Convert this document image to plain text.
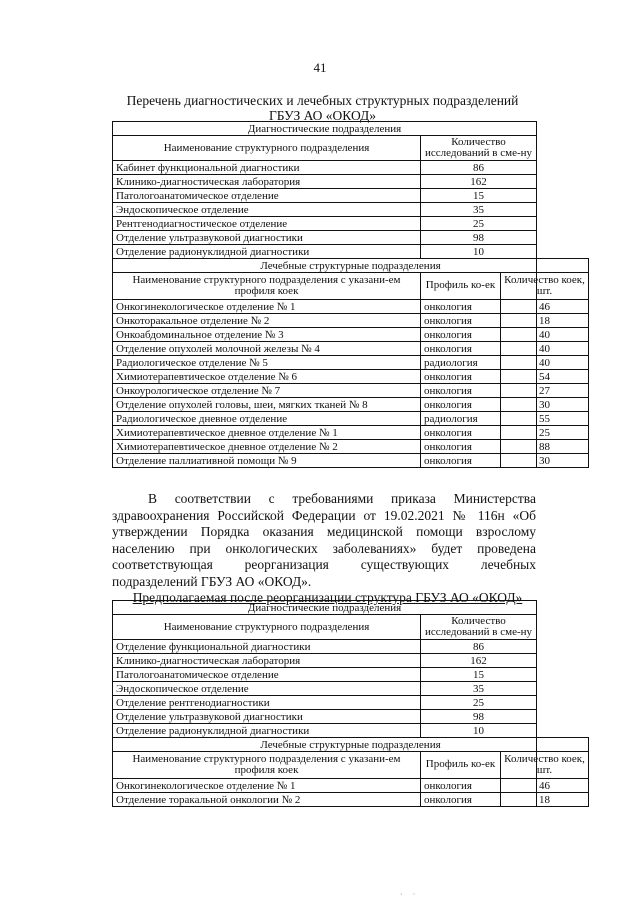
41
Перечень диагностических и лечебных структурных подразделений
ГБУЗ АО «ОКОД»
Диагностические подразделения
Наименование структурного подразделения	Количество исследований в сме-ну
Кабинет функциональной диагностики	86
Клинико-диагностическая лаборатория	162
Патологоанатомическое отделение	15
Эндоскопическое отделение	35
Рентгенодиагностическое отделение	25
Отделение ультразвуковой диагностики	98
Отделение радионуклидной диагностики	10

Лечебные структурные подразделения
Наименование структурного подразделения с указани-ем профиля коек	Профиль ко-ек	Количество коек, шт.
Онкогинекологическое отделение № 1	онкология	46
Онкоторакальное отделение № 2	онкология	18
Онкоабдоминальное отделение № 3	онкология	40
Отделение опухолей молочной железы № 4	онкология	40
Радиологическое отделение № 5	радиология	40
Химиотерапевтическое отделение № 6	онкология	54
Онкоурологическое отделение № 7	онкология	27
Отделение опухолей головы, шеи, мягких тканей № 8	онкология	30
Радиологическое дневное отделение	радиология	55
Химиотерапевтическое дневное отделение № 1	онкология	25
Химиотерапевтическое дневное отделение № 2	онкология	88
Отделение паллиативной помощи № 9	онкология	30

В соответствии с требованиями приказа Министерства здравоохранения Российской Федерации от 19.02.2021 № 116н «Об утверждении Порядка оказания медицинской помощи взрослому населению при онкологических заболеваниях» будет проведена соответствующая реорганизация существующих лечебных подразделений ГБУЗ АО «ОКОД».

Предполагаемая после реорганизации структура ГБУЗ АО «ОКОД»
Диагностические подразделения
Наименование структурного подразделения	Количество исследований в сме-ну
Отделение функциональной диагностики	86
Клинико-диагностическая лаборатория	162
Патологоанатомическое отделение	15
Эндоскопическое отделение	35
Отделение рентгенодиагностики	25
Отделение ультразвуковой диагностики	98
Отделение радионуклидной диагностики	10

Лечебные структурные подразделения
Наименование структурного подразделения с указани-ем профиля коек	Профиль ко-ек	Количество коек, шт.
Онкогинекологическое отделение № 1	онкология	46
Отделение торакальной онкологии № 2	онкология	18
·     ·
